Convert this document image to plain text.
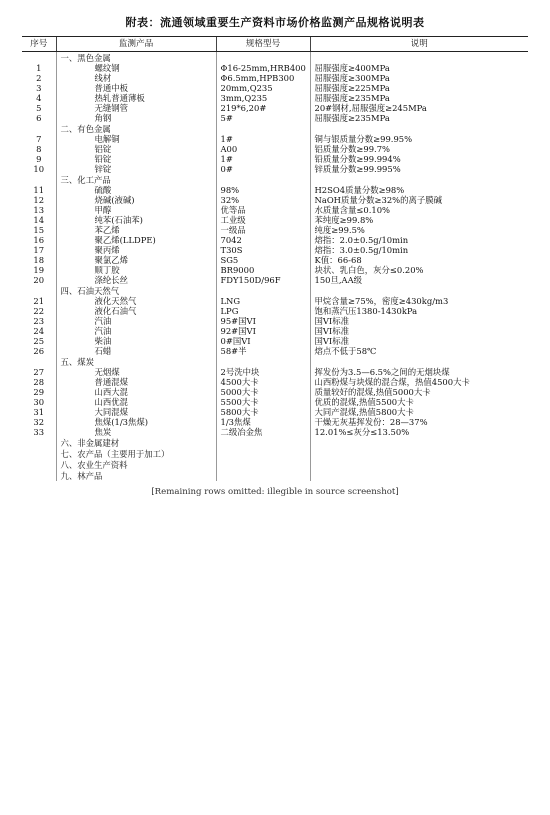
附表：流通领域重要生产资料市场价格监测产品规格说明表
序号	监测产品	规格型号	说明
	一、黑色金属		
1	螺纹钢	Φ16-25mm,HRB400	屈服强度≥400MPa
2	线材	Φ6.5mm,HPB300	屈服强度≥300MPa
3	普通中板	20mm,Q235	屈服强度≥225MPa
4	热轧普通薄板	3mm,Q235	屈服强度≥235MPa
5	无缝钢管	219*6,20#	20#钢材,屈服强度≥245MPa
6	角钢	5#	屈服强度≥235MPa
	二、有色金属		
7	电解铜	1#	铜与银质量分数≥99.95%
8	铝锭	A00	铝质量分数≥99.7%
9	铅锭	1#	铅质量分数≥99.994%
10	锌锭	0#	锌质量分数≥99.995%
	三、化工产品		
11	硫酸	98%	H2SO4质量分数≥98%
12	烧碱(液碱)	32%	NaOH质量分数≥32%的离子膜碱
13	甲醇	优等品	水质量含量≤0.10%
14	纯苯(石油苯)	工业级	苯纯度≥99.8%
15	苯乙烯	一级品	纯度≥99.5%
16	聚乙烯(LLDPE)	7042	熔指：2.0±0.5g/10min
17	聚丙烯	T30S	熔指：3.0±0.5g/10min
18	聚氯乙烯	SG5	K值：66-68
19	顺丁胶	BR9000	块状、乳白色，灰分≤0.20%
20	涤纶长丝	FDY150D/96F	150旦,AA级
	四、石油天然气		
21	液化天然气	LNG	甲烷含量≥75%，密度≥430kg/m3
22	液化石油气	LPG	饱和蒸汽压1380-1430kPa
23	汽油	95#国VI	国VI标准
24	汽油	92#国VI	国VI标准
25	柴油	0#国VI	国VI标准
26	石蜡	58#半	熔点不低于58℃
	五、煤炭		
27	无烟煤	2号洗中块	挥发份为3.5—6.5%之间的无烟块煤
28	普通混煤	4500大卡	山西粉煤与块煤的混合煤，热值4500大卡
29	山西大混	5000大卡	质量较好的混煤,热值5000大卡
30	山西优混	5500大卡	优质的混煤,热值5500大卡
31	大同混煤	5800大卡	大同产混煤,热值5800大卡
32	焦煤(1/3焦煤)	1/3焦煤	干燥无灰基挥发份：28—37%
33	焦炭	二级冶金焦	12.01%≤灰分≤13.50%
	六、非金属建材		
	七、农产品（主要用于加工）		
	八、农业生产资料		
	九、林产品		
[Remaining rows omitted: illegible in source screenshot]
